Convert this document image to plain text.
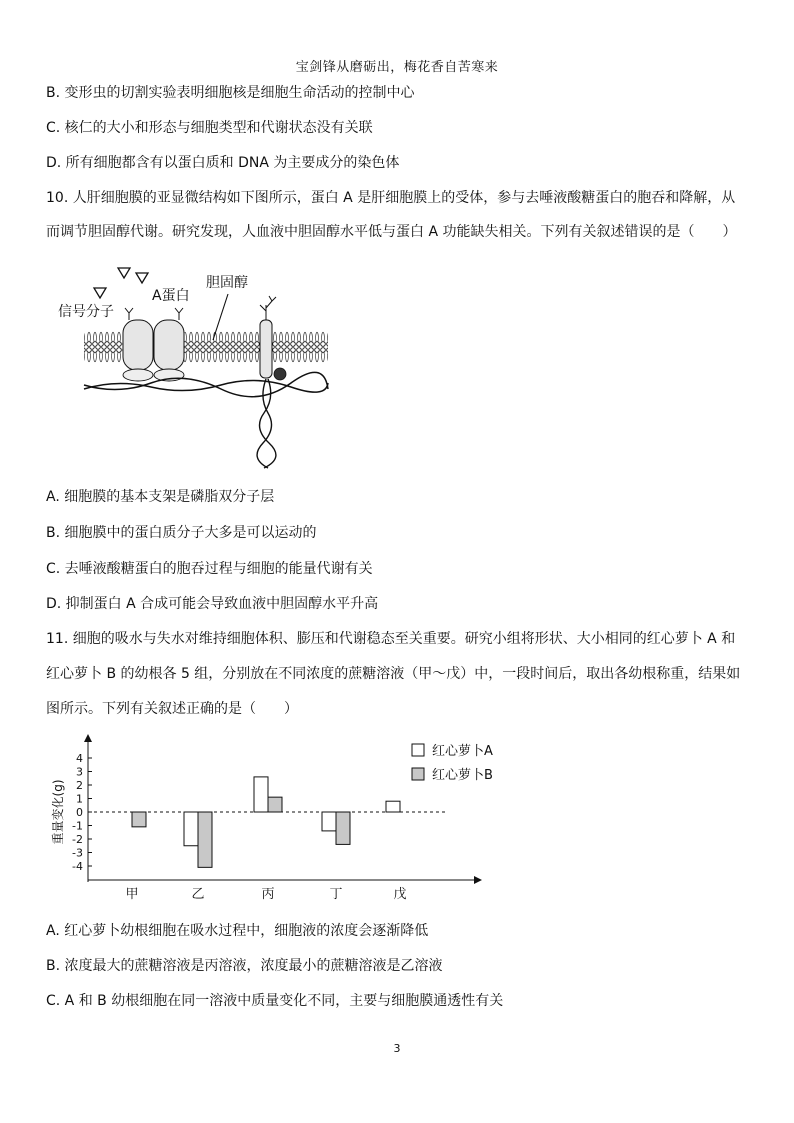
宝剑锋从磨砺出，梅花香自苦寒来
B. 变形虫的切割实验表明细胞核是细胞生命活动的控制中心
C. 核仁的大小和形态与细胞类型和代谢状态没有关联
D. 所有细胞都含有以蛋白质和 DNA 为主要成分的染色体
10. 人肝细胞膜的亚显微结构如下图所示，蛋白 A 是肝细胞膜上的受体，参与去唾液酸糖蛋白的胞吞和降解，从
而调节胆固醇代谢。研究发现，人血液中胆固醇水平低与蛋白 A 功能缺失相关。下列有关叙述错误的是（　　）
信号分子
A蛋白
胆固醇
A. 细胞膜的基本支架是磷脂双分子层
B. 细胞膜中的蛋白质分子大多是可以运动的
C. 去唾液酸糖蛋白的胞吞过程与细胞的能量代谢有关
D. 抑制蛋白 A 合成可能会导致血液中胆固醇水平升高
11. 细胞的吸水与失水对维持细胞体积、膨压和代谢稳态至关重要。研究小组将形状、大小相同的红心萝卜 A 和
红心萝卜 B 的幼根各 5 组，分别放在不同浓度的蔗糖溶液（甲～戊）中，一段时间后，取出各幼根称重，结果如
图所示。下列有关叙述正确的是（　　）
-4
-3
-2
-1
0
1
2
3
4
重量变化(g)
甲	乙	丙	丁	戊
红心萝卜A
红心萝卜B
A. 红心萝卜幼根细胞在吸水过程中，细胞液的浓度会逐渐降低
B. 浓度最大的蔗糖溶液是丙溶液，浓度最小的蔗糖溶液是乙溶液
C. A 和 B 幼根细胞在同一溶液中质量变化不同，主要与细胞膜通透性有关
3
